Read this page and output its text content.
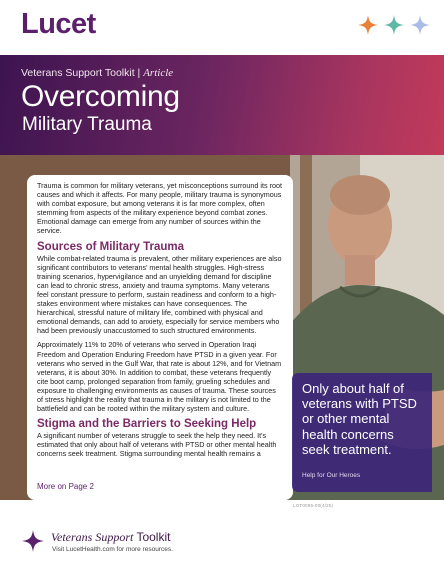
Lucet
Veterans Support Toolkit | Article
Overcoming
Military Trauma

Trauma is common for military veterans, yet misconceptions surround its root causes and which it affects. For many people, military trauma is synonymous with combat exposure, but among veterans it is far more complex, often stemming from aspects of the military experience beyond combat zones. Emotional damage can emerge from any number of sources within the service.

Sources of Military Trauma

While combat-related trauma is prevalent, other military experiences are also significant contributors to veterans' mental health struggles. High-stress training scenarios, hypervigilance and an unyielding demand for discipline can lead to chronic stress, anxiety and trauma symptoms. Many veterans feel constant pressure to perform, sustain readiness and conform to a high-stakes environment where mistakes can have consequences. The hierarchical, stressful nature of military life, combined with physical and emotional demands, can add to anxiety, especially for service members who had been previously unaccustomed to such structured environments.

Approximately 11% to 20% of veterans who served in Operation Iraqi Freedom and Operation Enduring Freedom have PTSD in a given year. For veterans who served in the Gulf War, that rate is about 12%, and for Vietnam veterans, it is about 30%. In addition to combat, these veterans frequently cite boot camp, prolonged separation from family, grueling schedules and exposure to challenging environments as causes of trauma. These sources of stress highlight the reality that trauma in the military is not limited to the battlefield and can be rooted within the military system and culture.

Stigma and the Barriers to Seeking Help

A significant number of veterans struggle to seek the help they need. It's estimated that only about half of veterans with PTSD or other mental health concerns seek treatment. Stigma surrounding mental health remains a

More on Page 2
Only about half of veterans with PTSD or other mental health concerns seek treatment.
Help for Our Heroes
LOT0095-00(4/25)
Veterans Support Toolkit
Visit LucetHealth.com for more resources.
